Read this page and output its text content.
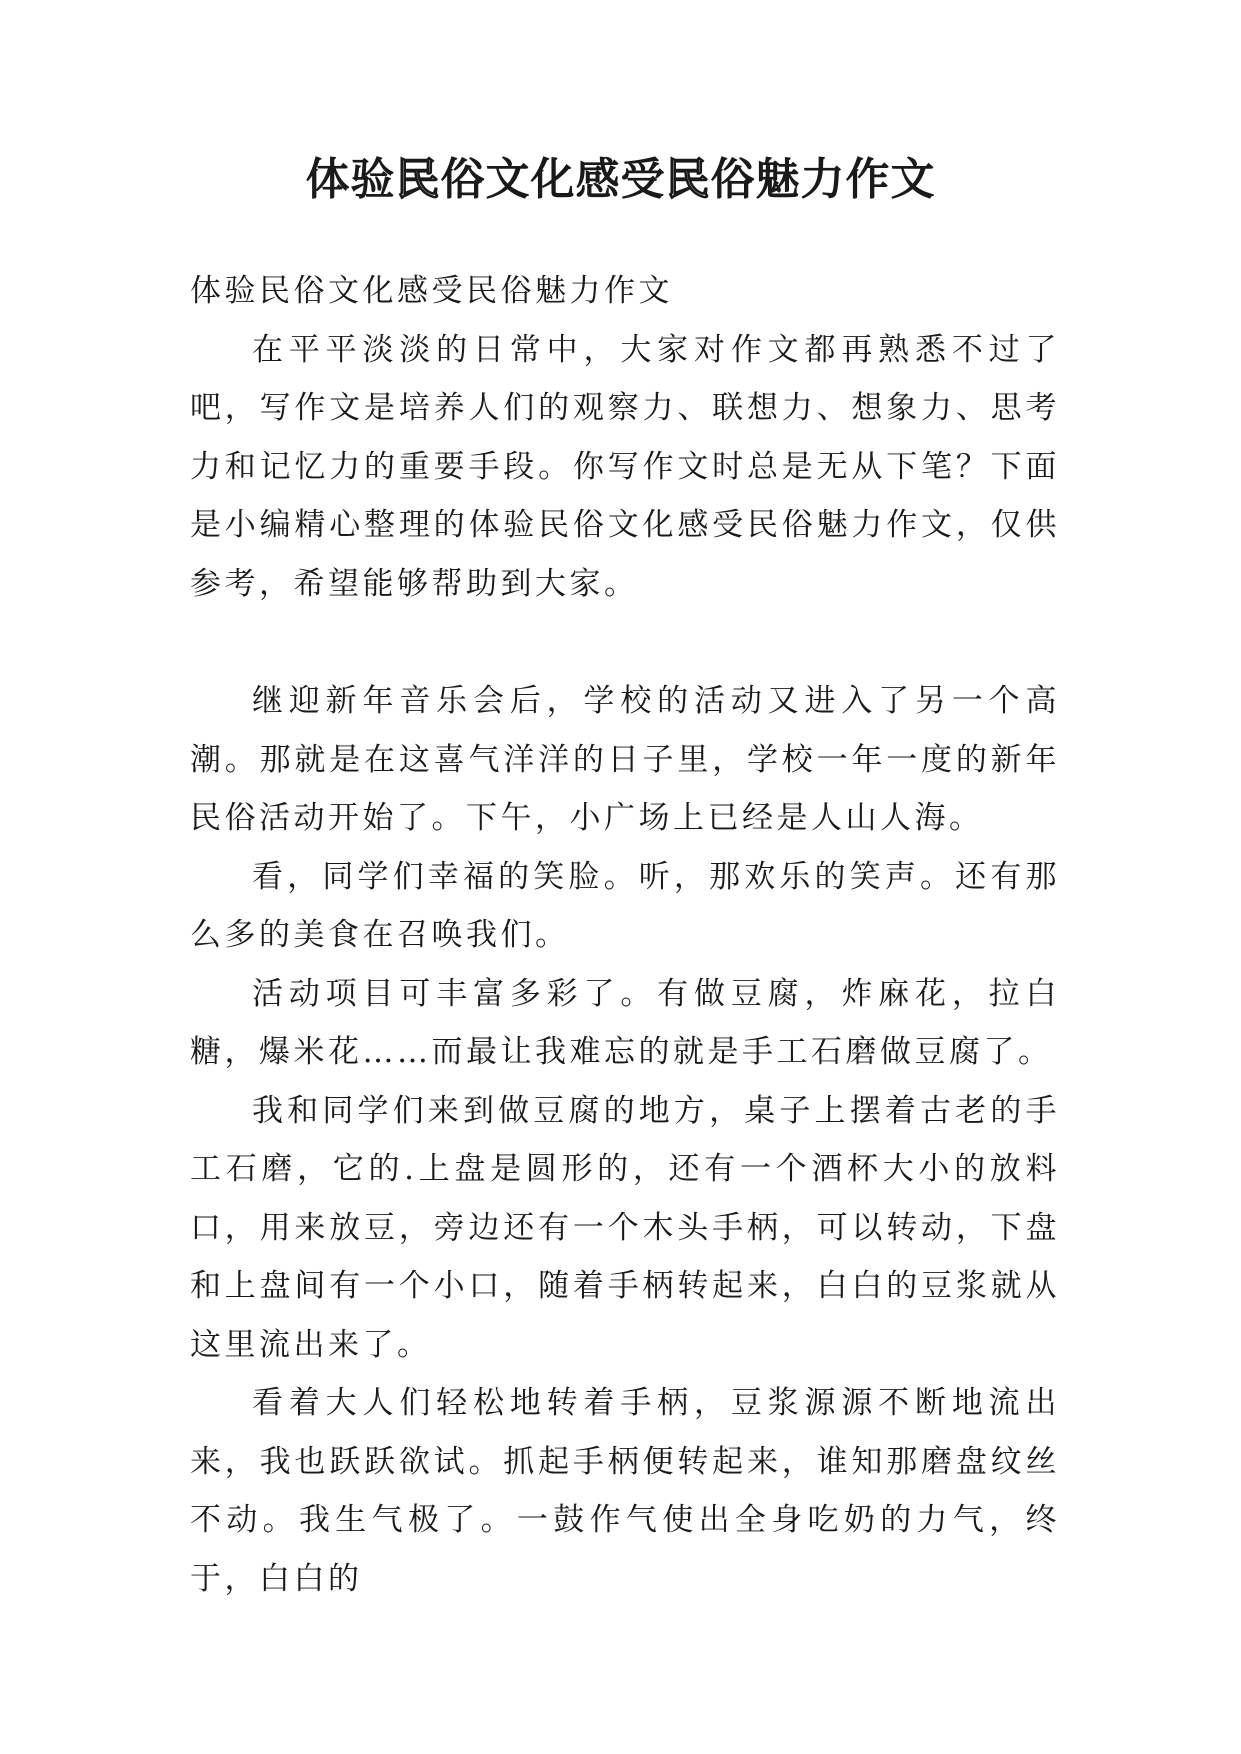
体验民俗文化感受民俗魅力作文

体验民俗文化感受民俗魅力作文

在平平淡淡的日常中，大家对作文都再熟悉不过了吧，写作文是培养人们的观察力、联想力、想象力、思考力和记忆力的重要手段。你写作文时总是无从下笔？下面是小编精心整理的体验民俗文化感受民俗魅力作文，仅供参考，希望能够帮助到大家。

继迎新年音乐会后，学校的活动又进入了另一个高潮。那就是在这喜气洋洋的日子里，学校一年一度的新年民俗活动开始了。下午，小广场上已经是人山人海。

看，同学们幸福的笑脸。听，那欢乐的笑声。还有那么多的美食在召唤我们。

活动项目可丰富多彩了。有做豆腐，炸麻花，拉白糖，爆米花……而最让我难忘的就是手工石磨做豆腐了。

我和同学们来到做豆腐的地方，桌子上摆着古老的手工石磨，它的.上盘是圆形的，还有一个酒杯大小的放料口，用来放豆，旁边还有一个木头手柄，可以转动，下盘和上盘间有一个小口，随着手柄转起来，白白的豆浆就从这里流出来了。

看着大人们轻松地转着手柄，豆浆源源不断地流出来，我也跃跃欲试。抓起手柄便转起来，谁知那磨盘纹丝不动。我生气极了。一鼓作气使出全身吃奶的力气，终于，白白的
